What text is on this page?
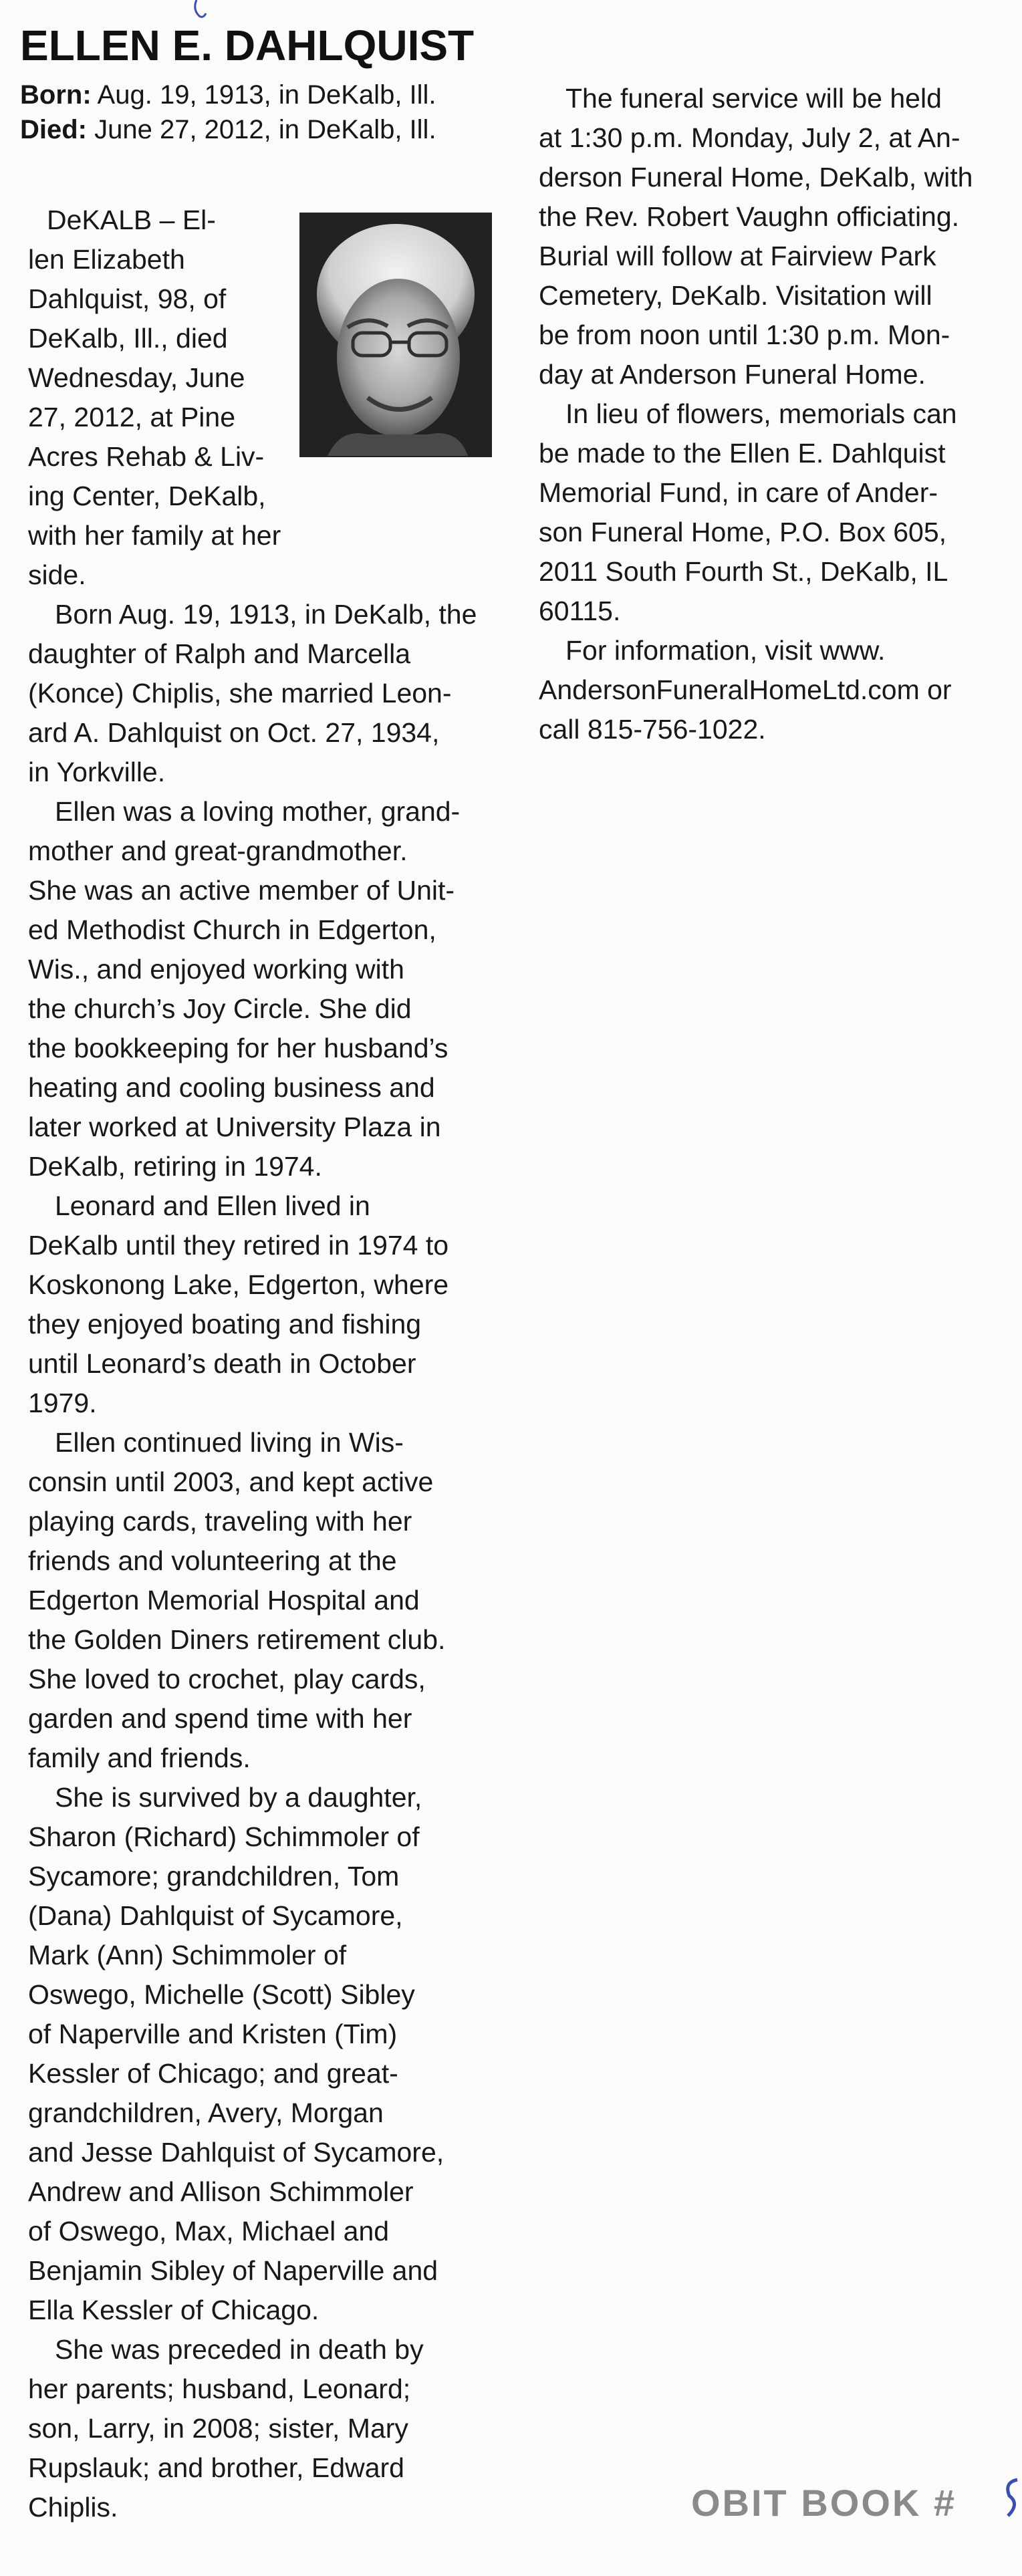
ELLEN E. DAHLQUIST
Born: Aug. 19, 1913, in DeKalb, Ill.
Died: June 27, 2012, in DeKalb, Ill.

DeKALB – El-
len Elizabeth
Dahlquist, 98, of
DeKalb, Ill., died
Wednesday, June
27, 2012, at Pine
Acres Rehab & Liv-
ing Center, DeKalb,
with her family at her side.

Born Aug. 19, 1913, in DeKalb, the
daughter of Ralph and Marcella
(Konce) Chiplis, she married Leon-
ard A. Dahlquist on Oct. 27, 1934,
in Yorkville.

Ellen was a loving mother, grand-
mother and great-grandmother.
She was an active member of Unit-
ed Methodist Church in Edgerton,
Wis., and enjoyed working with
the church’s Joy Circle. She did
the bookkeeping for her husband’s
heating and cooling business and
later worked at University Plaza in
DeKalb, retiring in 1974.

Leonard and Ellen lived in
DeKalb until they retired in 1974 to
Koskonong Lake, Edgerton, where
they enjoyed boating and fishing
until Leonard’s death in October
1979.

Ellen continued living in Wis-
consin until 2003, and kept active
playing cards, traveling with her
friends and volunteering at the
Edgerton Memorial Hospital and
the Golden Diners retirement club.
She loved to crochet, play cards,
garden and spend time with her
family and friends.

She is survived by a daughter,
Sharon (Richard) Schimmoler of
Sycamore; grandchildren, Tom
(Dana) Dahlquist of Sycamore,
Mark (Ann) Schimmoler of
Oswego, Michelle (Scott) Sibley
of Naperville and Kristen (Tim)
Kessler of Chicago; and great-
grandchildren, Avery, Morgan
and Jesse Dahlquist of Sycamore,
Andrew and Allison Schimmoler
of Oswego, Max, Michael and
Benjamin Sibley of Naperville and
Ella Kessler of Chicago.

She was preceded in death by
her parents; husband, Leonard;
son, Larry, in 2008; sister, Mary
Rupslauk; and brother, Edward
Chiplis.

The funeral service will be held
at 1:30 p.m. Monday, July 2, at An-
derson Funeral Home, DeKalb, with
the Rev. Robert Vaughn officiating.
Burial will follow at Fairview Park
Cemetery, DeKalb. Visitation will
be from noon until 1:30 p.m. Mon-
day at Anderson Funeral Home.

In lieu of flowers, memorials can
be made to the Ellen E. Dahlquist
Memorial Fund, in care of Ander-
son Funeral Home, P.O. Box 605,
2011 South Fourth St., DeKalb, IL
60115.

For information, visit www.
AndersonFuneralHomeLtd.com or
call 815-756-1022.

OBIT BOOK #
